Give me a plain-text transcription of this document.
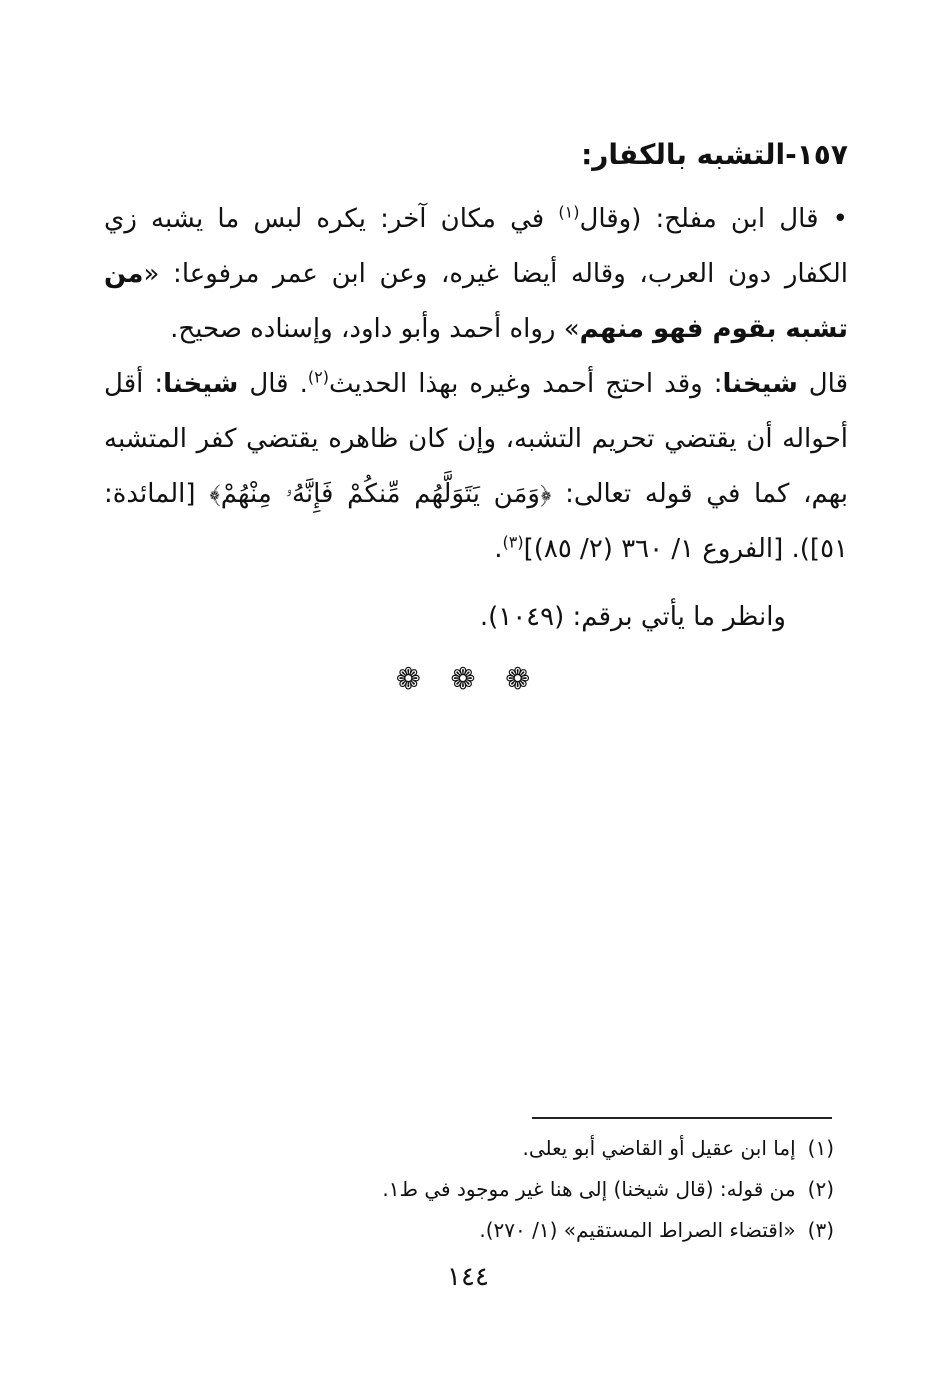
١٥٧-التشبه بالكفار:

• قال ابن مفلح: (وقال$^{(١)}$ في مكان آخر: يكره لبس ما يشبه زي الكفار دون العرب، وقاله أيضا غيره، وعن ابن عمر مرفوعا: «من تشبه بقوم فهو منهم» رواه أحمد وأبو داود، وإسناده صحيح.

قال شيخنا: وقد احتج أحمد وغيره بهذا الحديث$^{(٢)}$. قال شيخنا: أقل أحواله أن يقتضي تحريم التشبه، وإن كان ظاهره يقتضي كفر المتشبه بهم، كما في قوله تعالى: ﴿وَمَن يَتَوَلَّهُم مِّنكُمْ فَإِنَّهُۥ مِنْهُمْ﴾ [المائدة: ٥١]). [الفروع ١/ ٣٦٠ (٢/ ٨٥)]$^{(٣)}$.

وانظر ما يأتي برقم: (١٠٤٩).

❁ ❁ ❁
(١)إما ابن عقيل أو القاضي أبو يعلى.
(٢)من قوله: (قال شيخنا) إلى هنا غير موجود في ط١.
(٣)«اقتضاء الصراط المستقيم» (١/ ٢٧٠).
١٤٤
